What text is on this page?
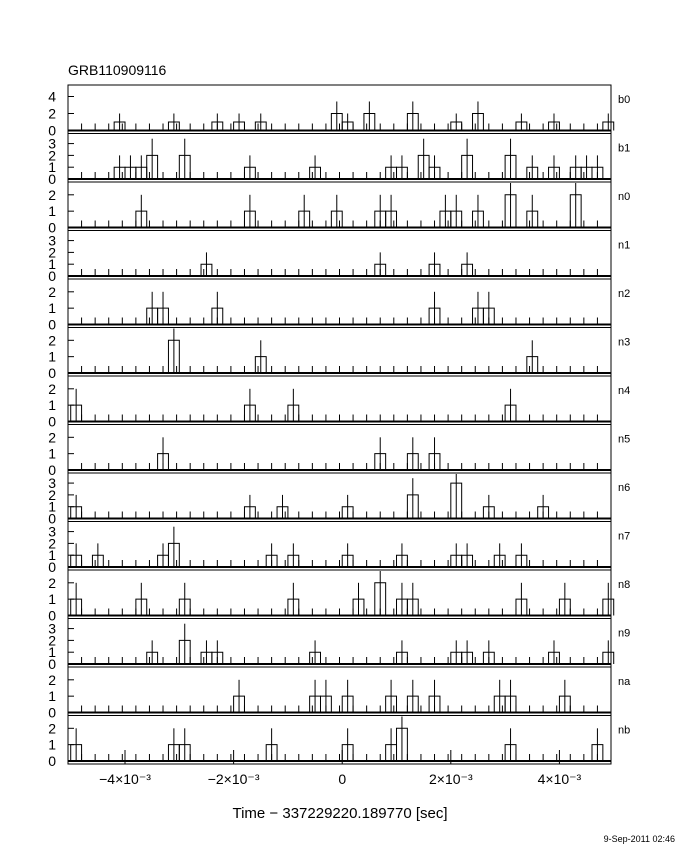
GRB110909116
0
2
4	b0
0
1
2
3	b1
0
1
2	n0
0
1
2
3	n1
0
1
2	n2
0
1
2	n3
0
1
2	n4
0
1
2	n5
0
1
2
3	n6
0
1
2
3	n7
0
1
2	n8
0
1
2
3	n9
0
1
2	na
0
1
2	nb
−4×10⁻³	−2×10⁻³	0	2×10⁻³	4×10⁻³
Time − 337229220.189770 [sec]
9-Sep-2011 02:46
